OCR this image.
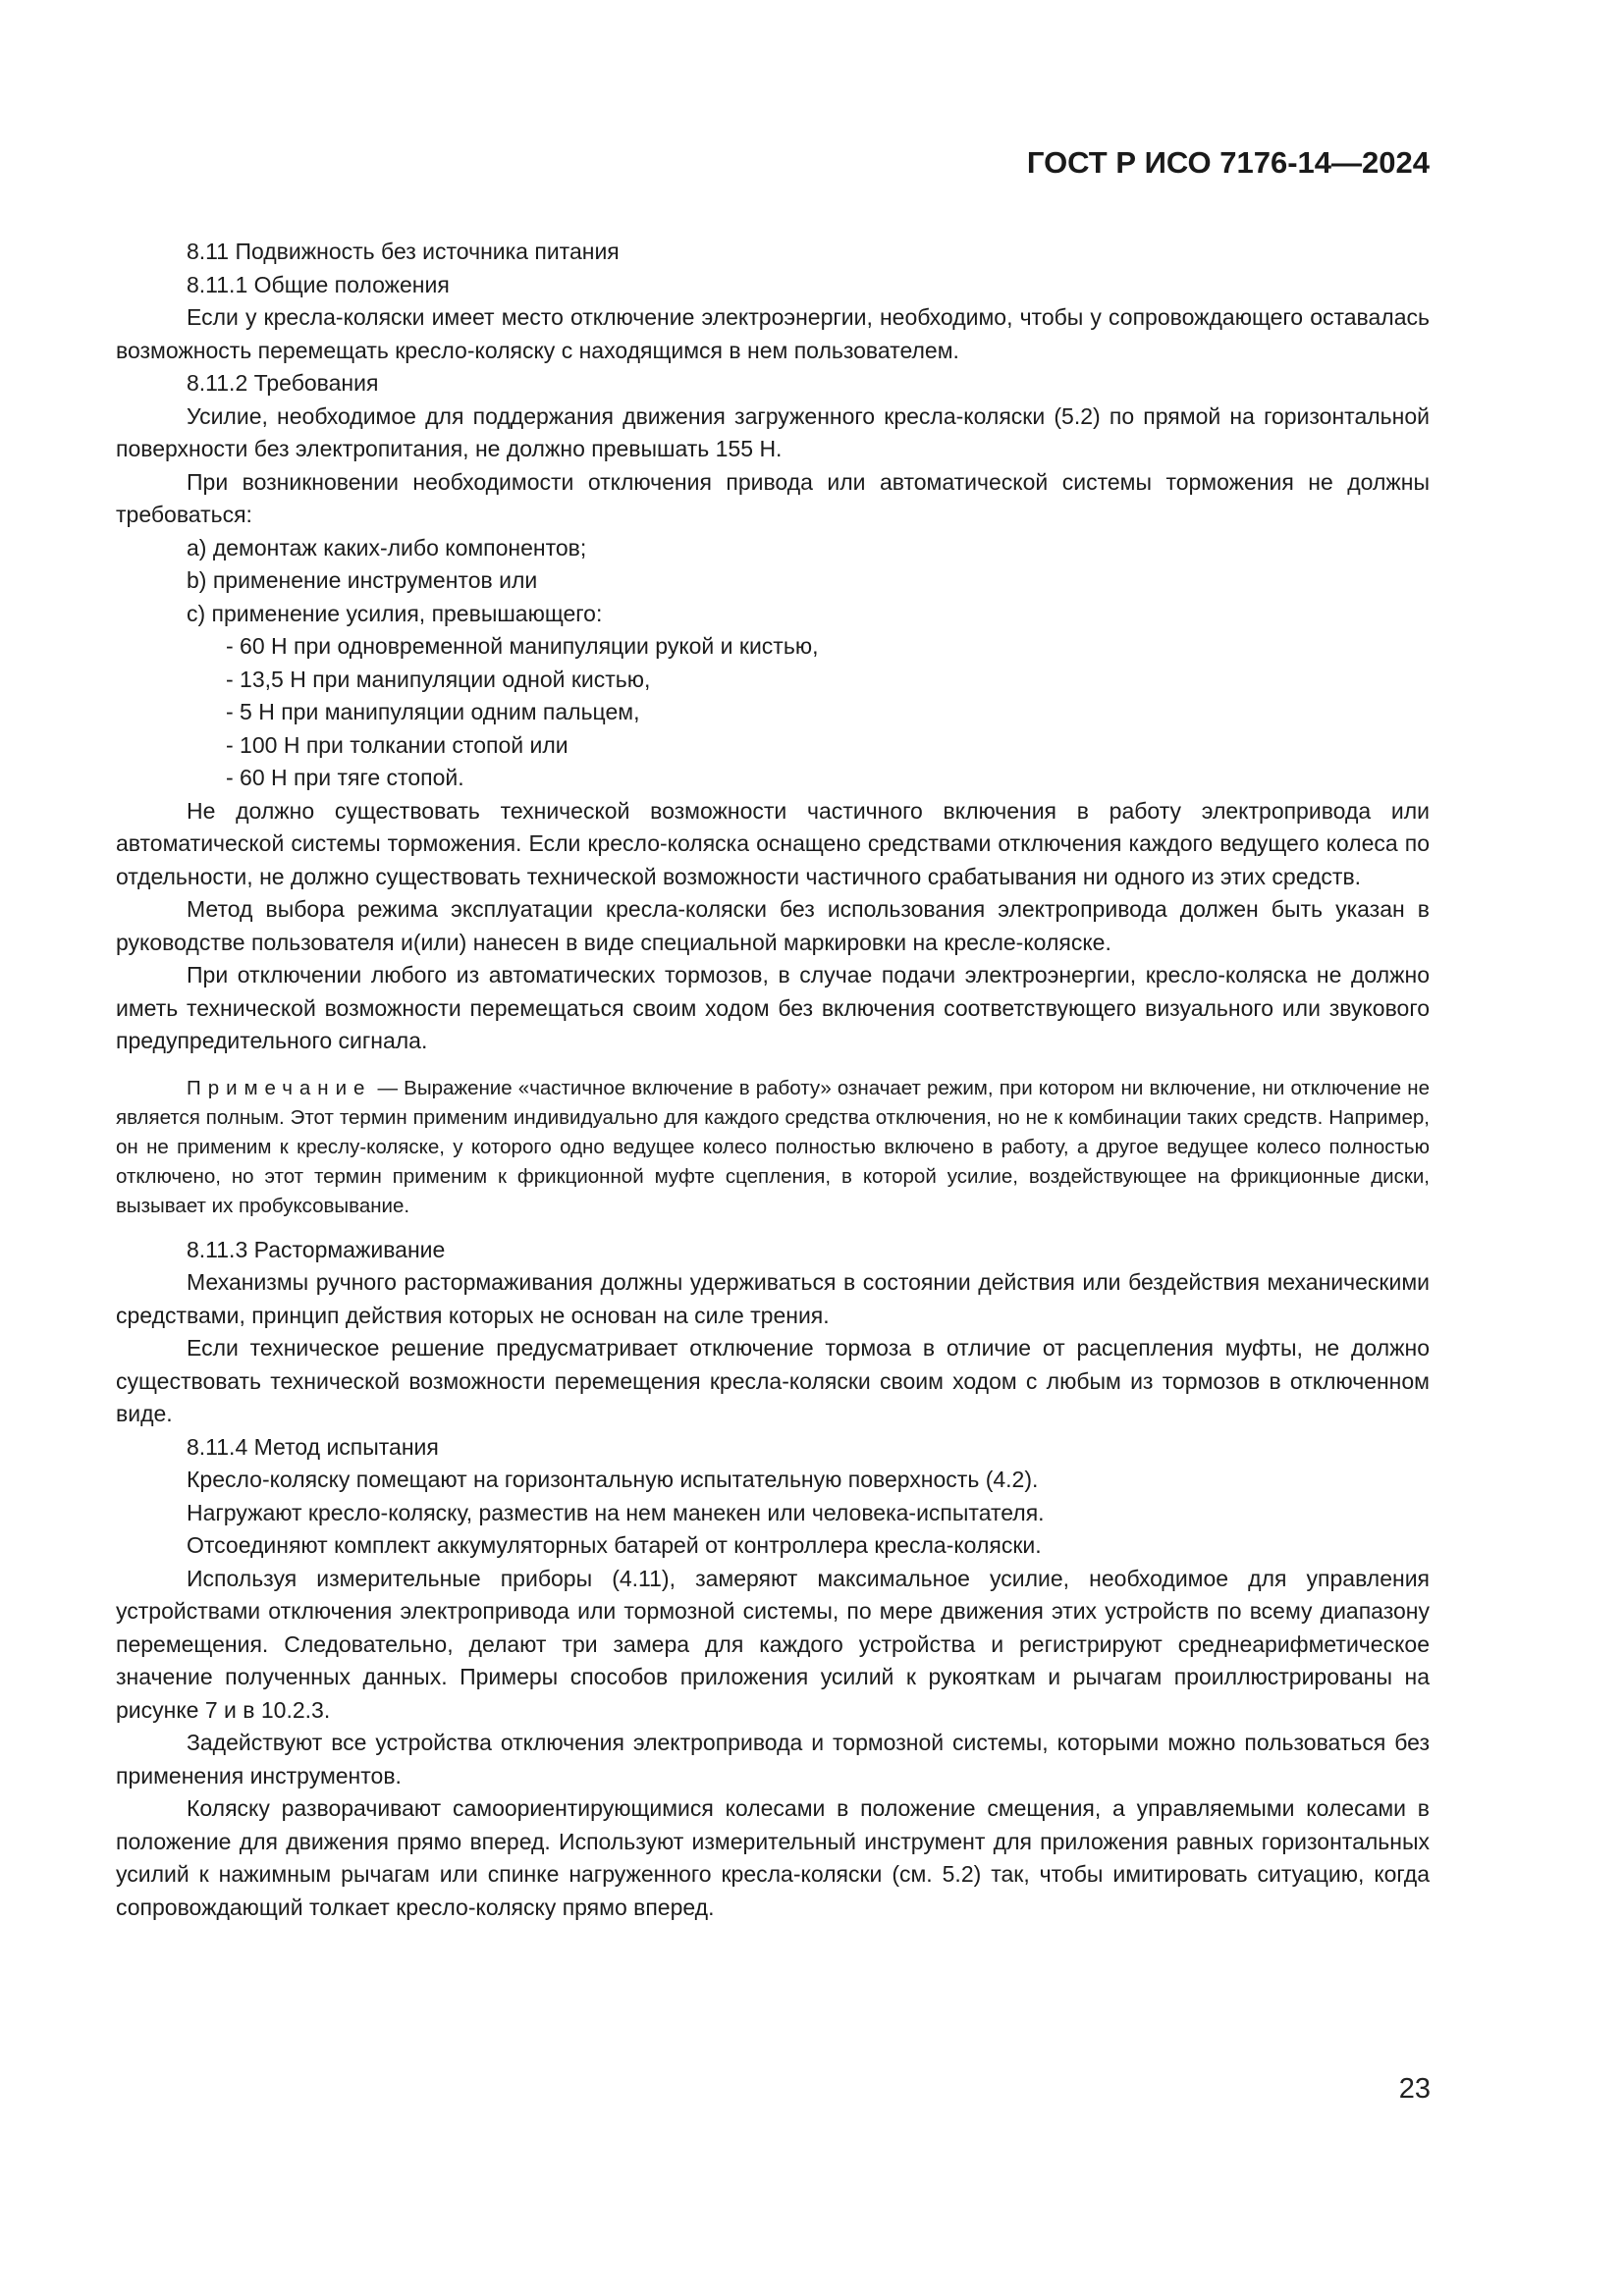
ГОСТ Р ИСО 7176-14—2024
8.11 Подвижность без источника питания
8.11.1 Общие положения

Если у кресла-коляски имеет место отключение электроэнергии, необходимо, чтобы у сопровождающего оставалась возможность перемещать кресло-коляску с находящимся в нем пользователем.

8.11.2 Требования

Усилие, необходимое для поддержания движения загруженного кресла-коляски (5.2) по прямой на горизонтальной поверхности без электропитания, не должно превышать 155 Н.

При возникновении необходимости отключения привода или автоматической системы торможения не должны требоваться:

a) демонтаж каких-либо компонентов;

b) применение инструментов или

c) применение усилия, превышающего:

- 60 Н при одновременной манипуляции рукой и кистью,

- 13,5 Н при манипуляции одной кистью,

- 5 Н при манипуляции одним пальцем,

- 100 Н при толкании стопой или

- 60 Н при тяге стопой.

Не должно существовать технической возможности частичного включения в работу электропривода или автоматической системы торможения. Если кресло-коляска оснащено средствами отключения каждого ведущего колеса по отдельности, не должно существовать технической возможности частичного срабатывания ни одного из этих средств.

Метод выбора режима эксплуатации кресла-коляски без использования электропривода должен быть указан в руководстве пользователя и(или) нанесен в виде специальной маркировки на кресле-коляске.

При отключении любого из автоматических тормозов, в случае подачи электроэнергии, кресло-коляска не должно иметь технической возможности перемещаться своим ходом без включения соответствующего визуального или звукового предупредительного сигнала.

Примечание — Выражение «частичное включение в работу» означает режим, при котором ни включение, ни отключение не является полным. Этот термин применим индивидуально для каждого средства отключения, но не к комбинации таких средств. Например, он не применим к креслу-коляске, у которого одно ведущее колесо полностью включено в работу, а другое ведущее колесо полностью отключено, но этот термин применим к фрикционной муфте сцепления, в которой усилие, воздействующее на фрикционные диски, вызывает их пробуксовывание.

8.11.3 Растормаживание

Механизмы ручного растормаживания должны удерживаться в состоянии действия или бездействия механическими средствами, принцип действия которых не основан на силе трения.

Если техническое решение предусматривает отключение тормоза в отличие от расцепления муфты, не должно существовать технической возможности перемещения кресла-коляски своим ходом с любым из тормозов в отключенном виде.

8.11.4 Метод испытания

Кресло-коляску помещают на горизонтальную испытательную поверхность (4.2).

Нагружают кресло-коляску, разместив на нем манекен или человека-испытателя.

Отсоединяют комплект аккумуляторных батарей от контроллера кресла-коляски.

Используя измерительные приборы (4.11), замеряют максимальное усилие, необходимое для управления устройствами отключения электропривода или тормозной системы, по мере движения этих устройств по всему диапазону перемещения. Следовательно, делают три замера для каждого устройства и регистрируют среднеарифметическое значение полученных данных. Примеры способов приложения усилий к рукояткам и рычагам проиллюстрированы на рисунке 7 и в 10.2.3.

Задействуют все устройства отключения электропривода и тормозной системы, которыми можно пользоваться без применения инструментов.

Коляску разворачивают самоориентирующимися колесами в положение смещения, а управляемыми колесами в положение для движения прямо вперед. Используют измерительный инструмент для приложения равных горизонтальных усилий к нажимным рычагам или спинке нагруженного кресла-коляски (см. 5.2) так, чтобы имитировать ситуацию, когда сопровождающий толкает кресло-коляску прямо вперед.

23
